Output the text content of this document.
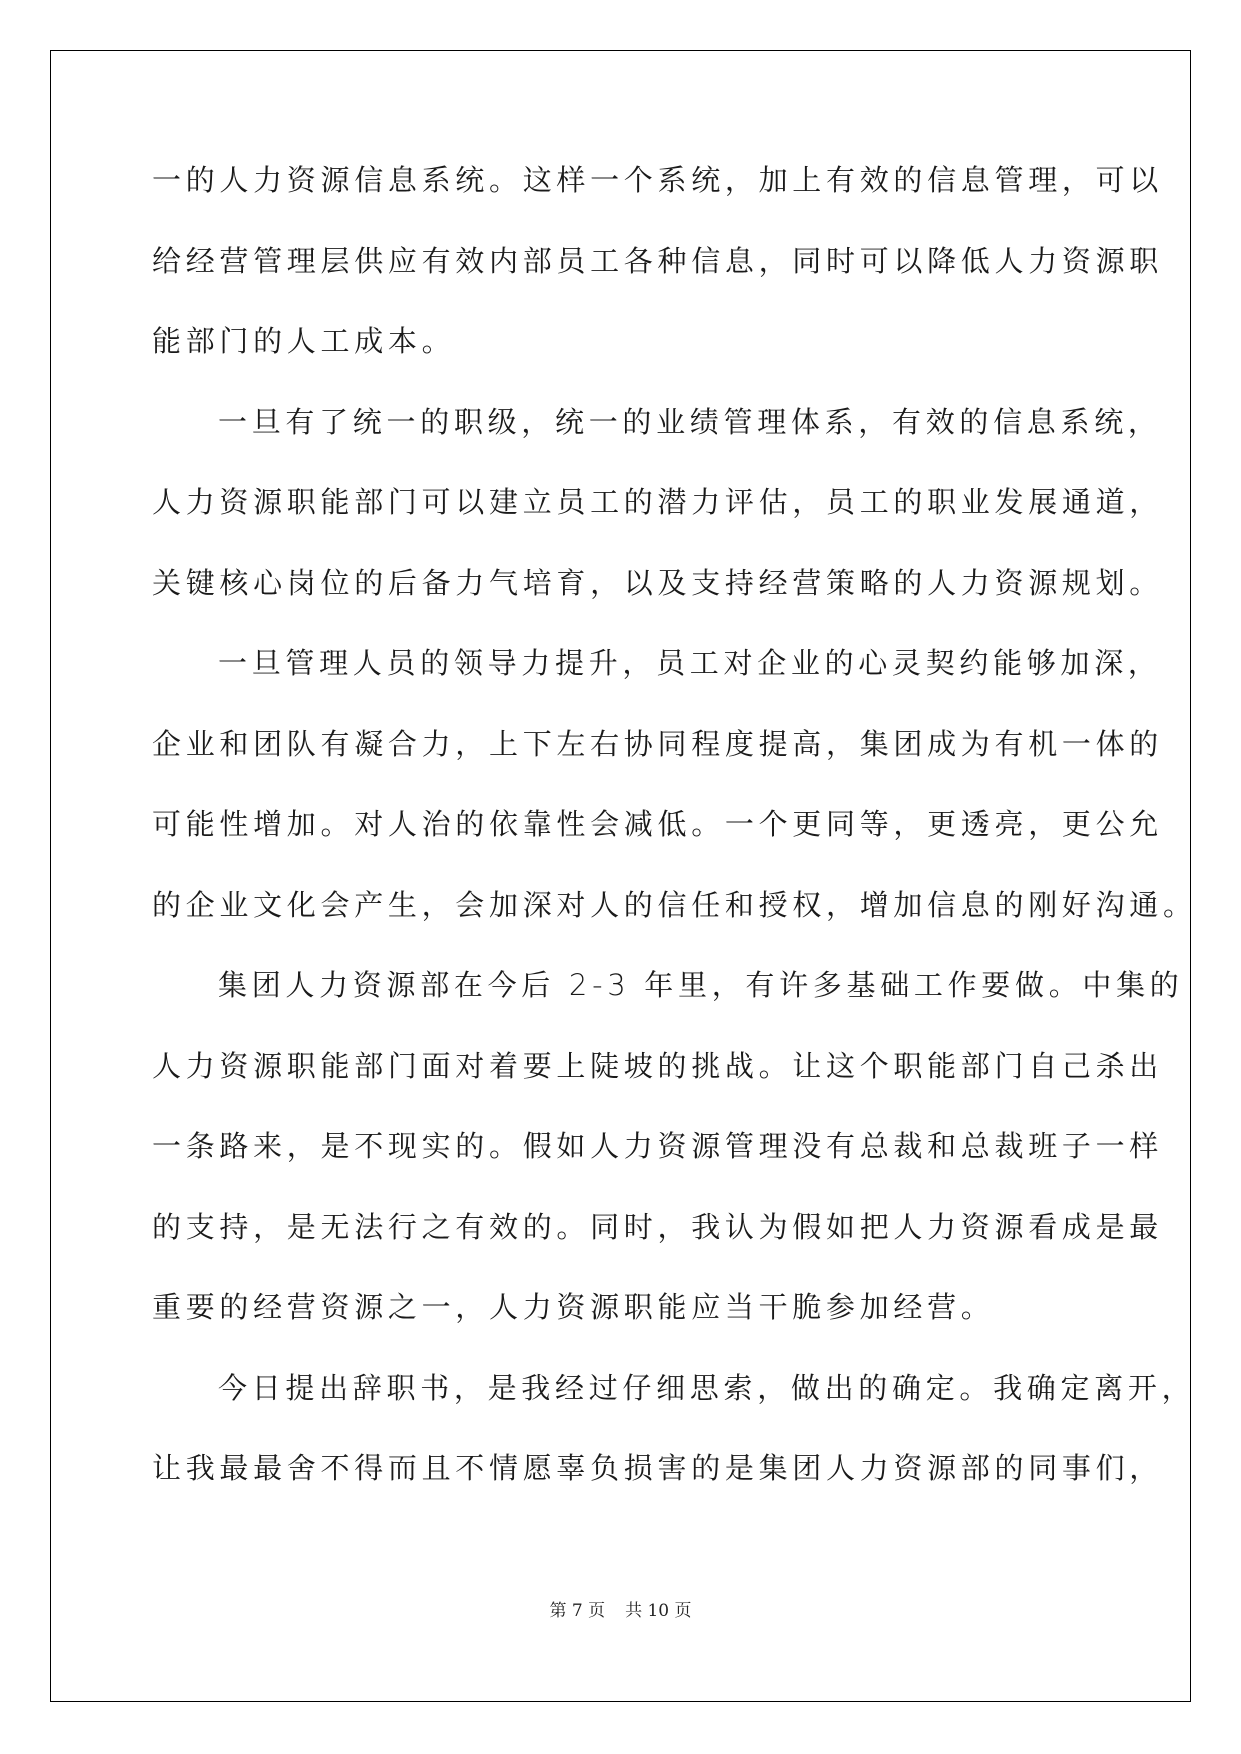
一的人力资源信息系统。这样一个系统，加上有效的信息管理，可以

给经营管理层供应有效内部员工各种信息，同时可以降低人力资源职

能部门的人工成本。

一旦有了统一的职级，统一的业绩管理体系，有效的信息系统，

人力资源职能部门可以建立员工的潜力评估，员工的职业发展通道，

关键核心岗位的后备力气培育，以及支持经营策略的人力资源规划。

一旦管理人员的领导力提升，员工对企业的心灵契约能够加深，

企业和团队有凝合力，上下左右协同程度提高，集团成为有机一体的

可能性增加。对人治的依靠性会减低。一个更同等，更透亮，更公允

的企业文化会产生，会加深对人的信任和授权，增加信息的刚好沟通。

集团人力资源部在今后 2-3 年里，有许多基础工作要做。中集的

人力资源职能部门面对着要上陡坡的挑战。让这个职能部门自己杀出

一条路来，是不现实的。假如人力资源管理没有总裁和总裁班子一样

的支持，是无法行之有效的。同时，我认为假如把人力资源看成是最

重要的经营资源之一，人力资源职能应当干脆参加经营。

今日提出辞职书，是我经过仔细思索，做出的确定。我确定离开，

让我最最舍不得而且不情愿辜负损害的是集团人力资源部的同事们，

第 7 页 共 10 页
